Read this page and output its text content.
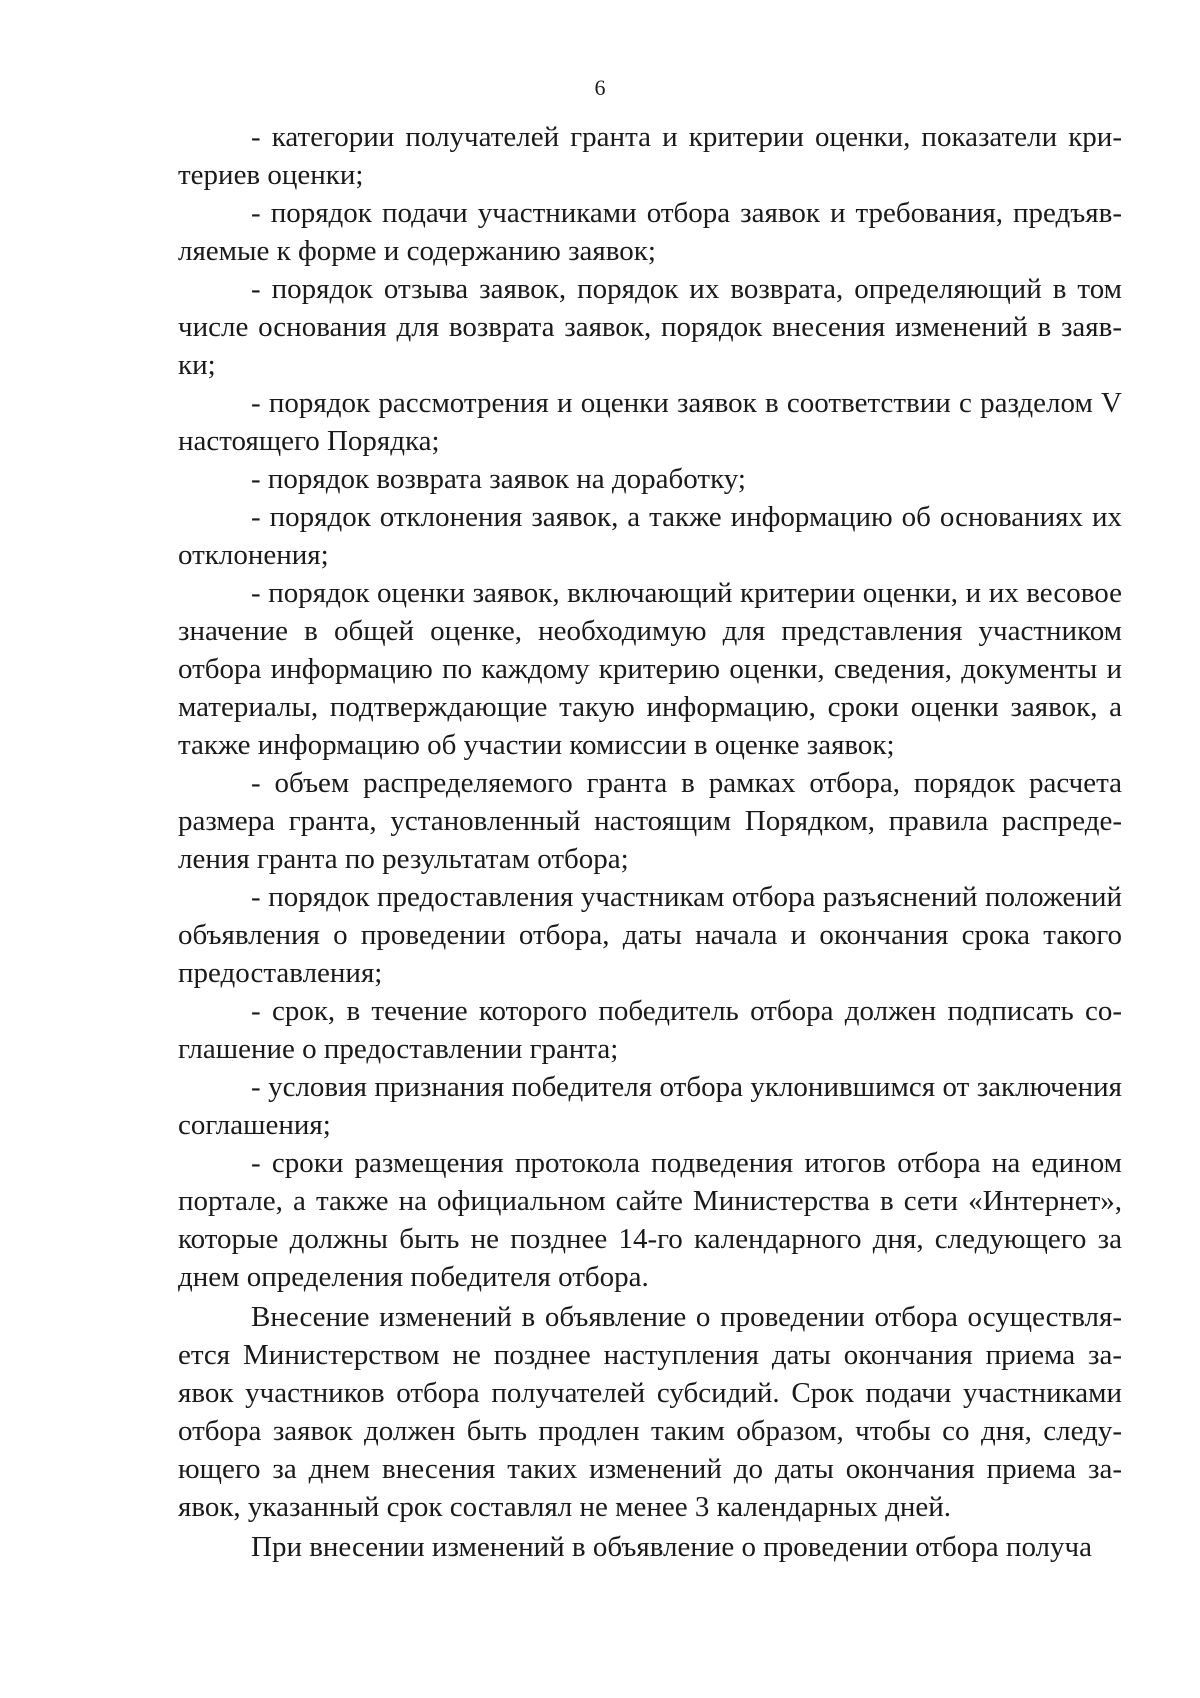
6

- категории получателей гранта и критерии оценки, показатели критериев оценки;

- порядок подачи участниками отбора заявок и требования, предъявляемые к форме и содержанию заявок;

- порядок отзыва заявок, порядок их возврата, определяющий в том числе основания для возврата заявок, порядок внесения изменений в заявки;

- порядок рассмотрения и оценки заявок в соответствии с разделом V настоящего Порядка;

- порядок возврата заявок на доработку;

- порядок отклонения заявок, а также информацию об основаниях их отклонения;

- порядок оценки заявок, включающий критерии оценки, и их весовое значение в общей оценке, необходимую для представления участником отбора информацию по каждому критерию оценки, сведения, документы и материалы, подтверждающие такую информацию, сроки оценки заявок, а также информацию об участии комиссии в оценке заявок;

- объем распределяемого гранта в рамках отбора, порядок расчета размера гранта, установленный настоящим Порядком, правила распределения гранта по результатам отбора;

- порядок предоставления участникам отбора разъяснений положений объявления о проведении отбора, даты начала и окончания срока такого предоставления;

- срок, в течение которого победитель отбора должен подписать соглашение о предоставлении гранта;

- условия признания победителя отбора уклонившимся от заключения соглашения;

- сроки размещения протокола подведения итогов отбора на едином портале, а также на официальном сайте Министерства в сети «Интернет», которые должны быть не позднее 14-го календарного дня, следующего за днем определения победителя отбора.

Внесение изменений в объявление о проведении отбора осуществляется Министерством не позднее наступления даты окончания приема заявок участников отбора получателей субсидий. Срок подачи участниками отбора заявок должен быть продлен таким образом, чтобы со дня, следующего за днем внесения таких изменений до даты окончания приема заявок, указанный срок составлял не менее 3 календарных дней.

При внесении изменений в объявление о проведении отбора получа
